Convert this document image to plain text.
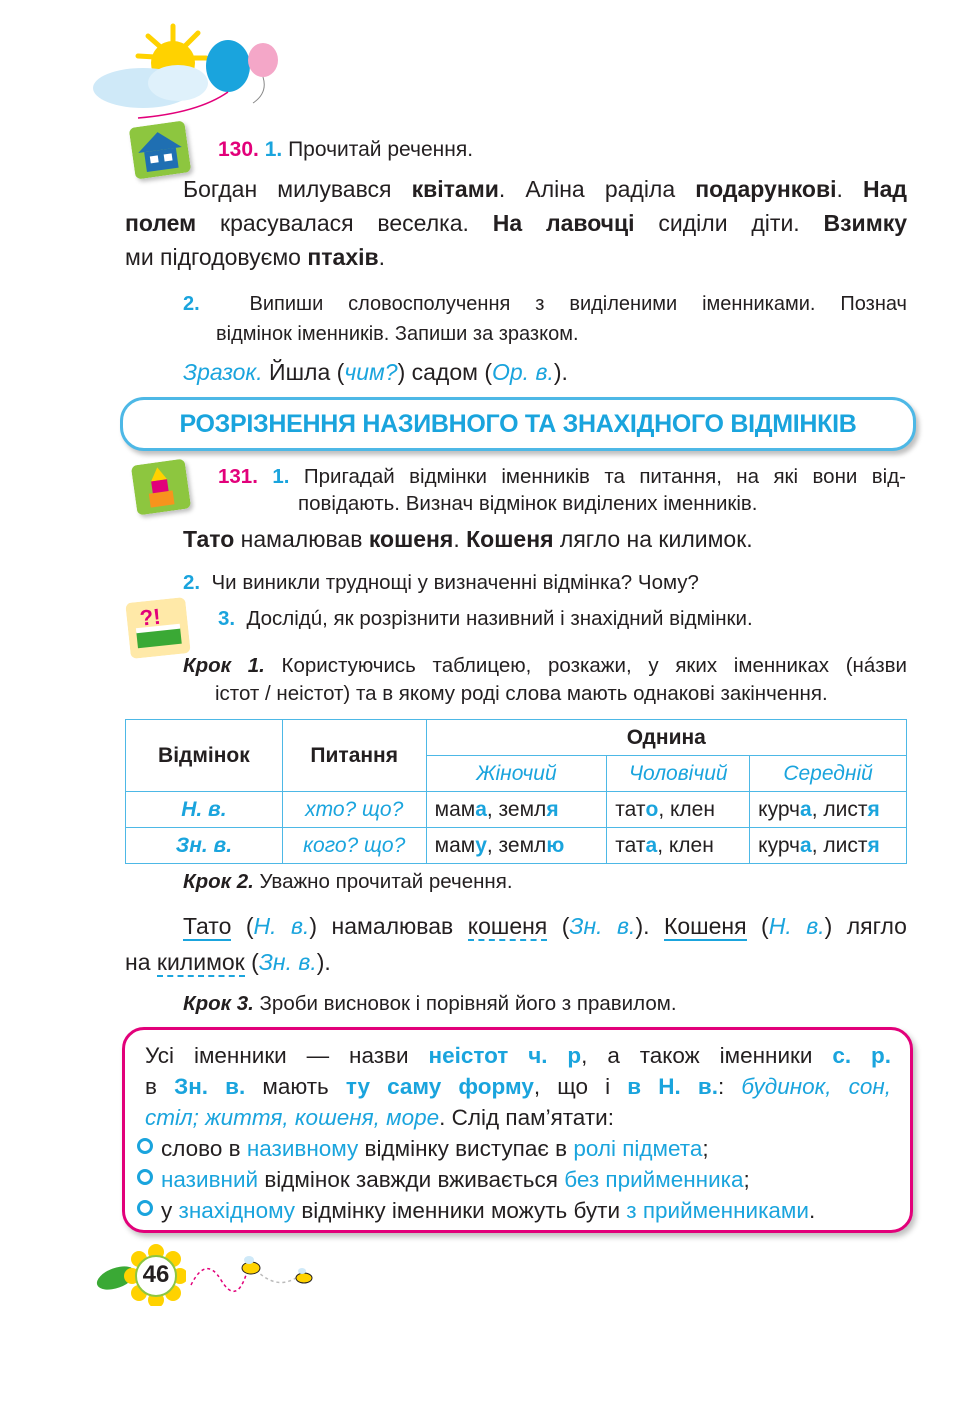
130. 1. Прочитай речення.
Богдан милувався квітами. Аліна раділа подарункові. Над
полем красувалася веселка. На лавочці сиділи діти. Взимку
ми підгодовуємо птахів.
2. Випиши словосполучення з виділеними іменниками. Познач
відмінок іменників. Запиши за зразком.
Зразок. Йшла (чим?) садом (Ор. в.).
РОЗРІЗНЕННЯ НАЗИВНОГО ТА ЗНАХІДНОГО ВІДМІНКІВ
131. 1. Пригадай відмінки іменників та питання, на які вони від-
повідають. Визнач відмінок виділених іменників.
Тато намалював кошеня. Кошеня лягло на килимок.
2. Чи виникли труднощі у визначенні відмінка? Чому?
?!	3. Дослідú, як розрізнити називний і знахідний відмінки.
Крок 1. Користуючись таблицею, розкажи, у яких іменниках (нáзви
істот / неістот) та в якому роді слова мають однакові закінчення.
Відмінок	Питання	Однина		
		Жіночий	Чоловічий	Середній
Н. в.	хто? що?	мама, земля	тато, клен	курча, листя
Зн. в.	кого? що?	маму, землю	тата, клен	курча, листя
Крок 2. Уважно прочитай речення.
Тато (Н. в.) намалював кошеня (Зн. в.). Кошеня (Н. в.) лягло
на килимок (Зн. в.).
Крок 3. Зроби висновок і порівняй його з правилом.
Усі іменники — назви неістот ч. р, а також іменники с. р.
в Зн. в. мають ту саму форму, що і в Н. в.: будинок, сон,
стіл; життя, кошеня, море. Слід пам’ятати:
слово в називному відмінку виступає в ролі підмета;
називний відмінок завжди вживається без прийменника;
у знахідному відмінку іменники можуть бути з прийменниками.
46
